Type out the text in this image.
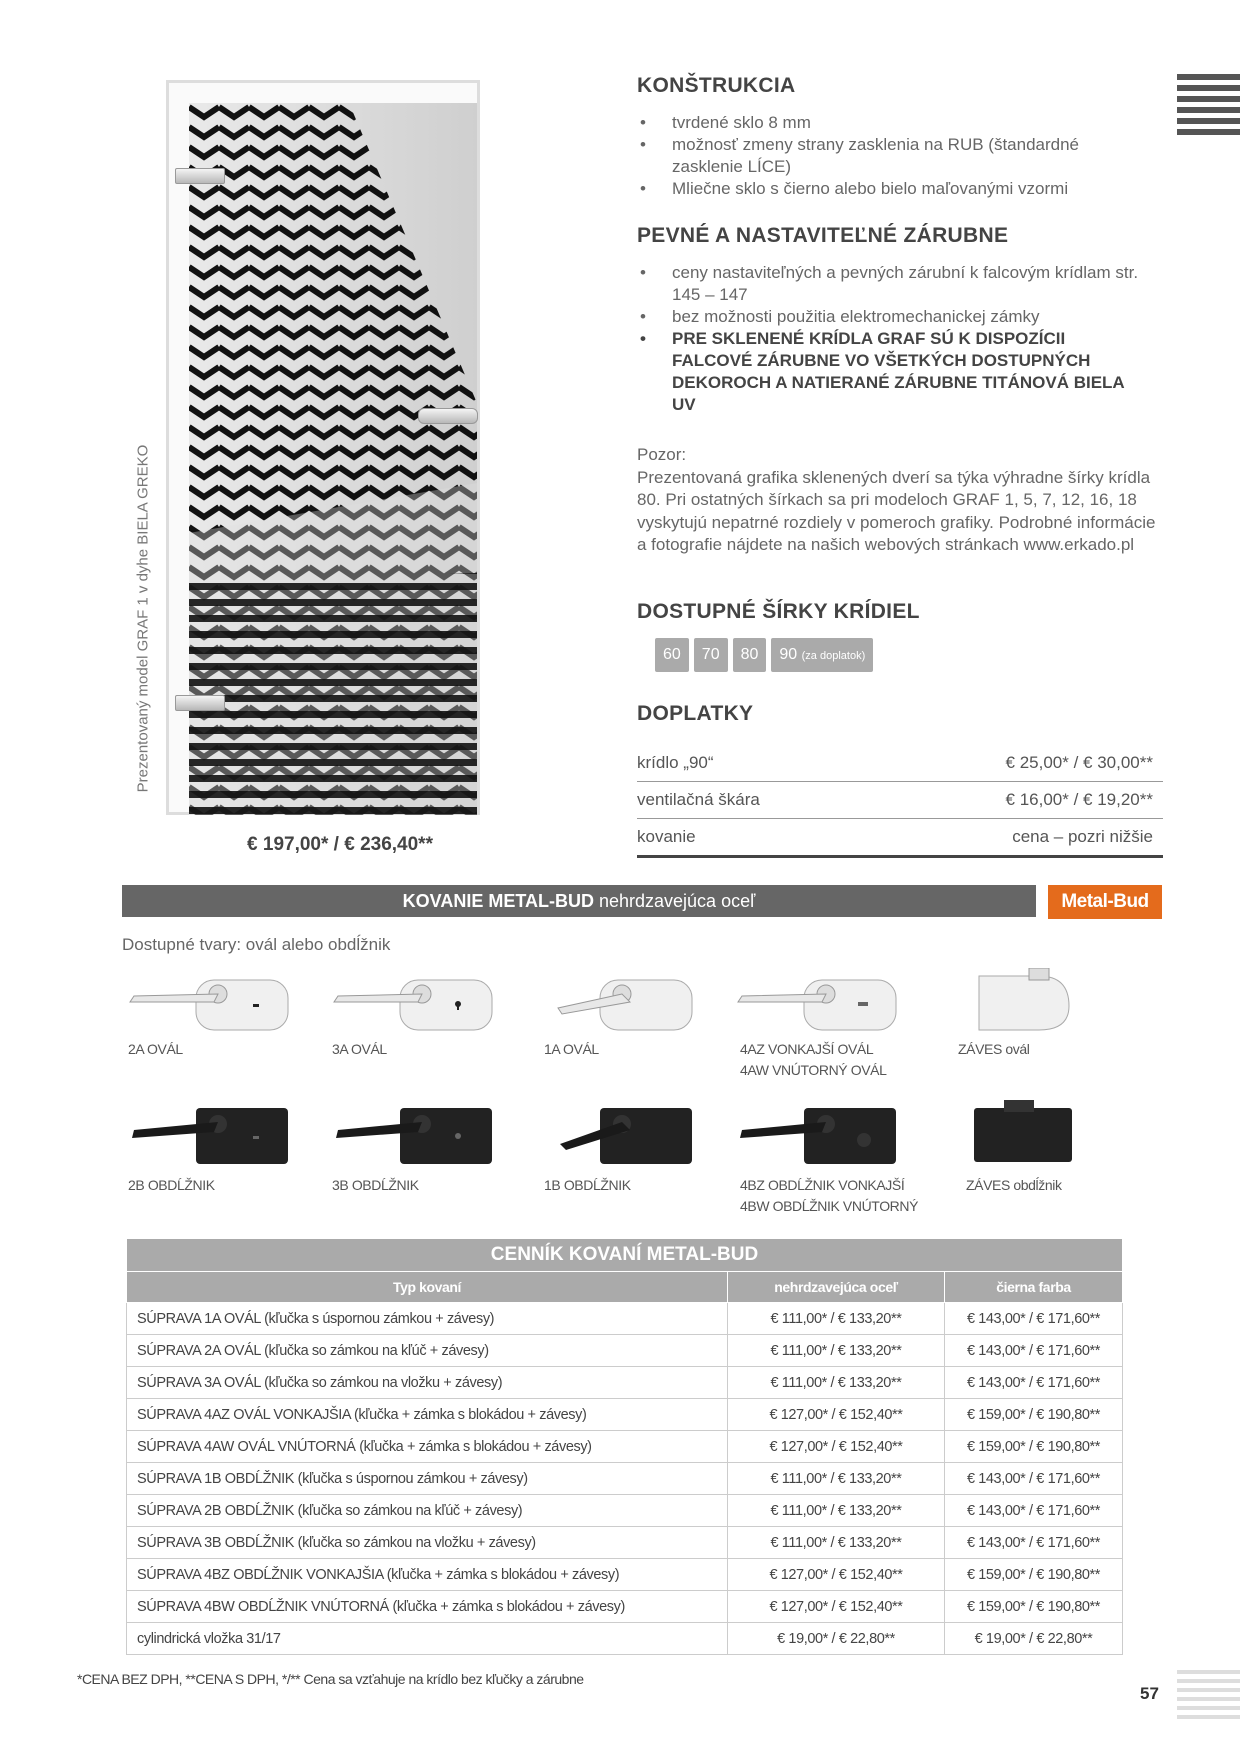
57
Prezentovaný model GRAF 1 v dyhe BIELA GREKO
€ 197,00* / € 236,40**
KONŠTRUKCIA
• tvrdené sklo 8 mm
• možnosť zmeny strany zasklenia na RUB (štandardné zasklenie LÍCE)
• Mliečne sklo s čierno alebo bielo maľovanými vzormi
PEVNÉ A NASTAVITEĽNÉ ZÁRUBNE
• ceny nastaviteľných a pevných zárubní k falcovým krídlam str. 145 – 147
• bez možnosti použitia elektromechanickej zámky
• PRE SKLENENÉ KRÍDLA GRAF SÚ K DISPOZÍCII FALCOVÉ ZÁRUBNE VO VŠETKÝCH DOSTUPNÝCH DEKOROCH A NATIERANÉ ZÁRUBNE TITÁNOVÁ BIELA UV
Pozor:
Prezentovaná grafika sklenených dverí sa týka výhradne šírky krídla 80. Pri ostatných šírkach sa pri modeloch GRAF 1, 5, 7, 12, 16, 18 vyskytujú nepatrné rozdiely v pomeroch grafiky. Podrobné informácie a fotografie nájdete na našich webových stránkach www.erkado.pl
DOSTUPNÉ ŠÍRKY KRÍDIEL
60	70	80	90 (za doplatok)
DOPLATKY
krídlo „90“	€ 25,00* / € 30,00**
ventilačná škára	€ 16,00* / € 19,20**
kovanie	cena – pozri nižšie
KOVANIE METAL-BUD nehrdzavejúca oceľ	Metal-Bud
Dostupné tvary: ovál alebo obdĺžnik
2A OVÁL	3A OVÁL	1A OVÁL	4AZ VONKAJŠÍ OVÁL
4AW VNÚTORNÝ OVÁL
ZÁVES ovál
2B OBDĹŽNIK	3B OBDĹŽNIK	1B OBDĹŽNIK	4BZ OBDĹŽNIK VONKAJŠÍ
4BW OBDĹŽNIK VNÚTORNÝ
ZÁVES obdĺžnik
CENNÍK KOVANÍ METAL-BUD		
Typ kovaní	nehrdzavejúca oceľ	čierna farba
SÚPRAVA 1A OVÁL (kľučka s úspornou zámkou + závesy)	€ 111,00* / € 133,20**	€ 143,00* / € 171,60**
SÚPRAVA 2A OVÁL (kľučka so zámkou na kľúč + závesy)	€ 111,00* / € 133,20**	€ 143,00* / € 171,60**
SÚPRAVA 3A OVÁL (kľučka so zámkou na vložku + závesy)	€ 111,00* / € 133,20**	€ 143,00* / € 171,60**
SÚPRAVA 4AZ OVÁL VONKAJŠIA (kľučka + zámka s blokádou + závesy)	€ 127,00* / € 152,40**	€ 159,00* / € 190,80**
SÚPRAVA 4AW OVÁL VNÚTORNÁ (kľučka + zámka s blokádou + závesy)	€ 127,00* / € 152,40**	€ 159,00* / € 190,80**
SÚPRAVA 1B OBDĹŽNIK (kľučka s úspornou zámkou + závesy)	€ 111,00* / € 133,20**	€ 143,00* / € 171,60**
SÚPRAVA 2B OBDĹŽNIK (kľučka so zámkou na kľúč + závesy)	€ 111,00* / € 133,20**	€ 143,00* / € 171,60**
SÚPRAVA 3B OBDĹŽNIK (kľučka so zámkou na vložku + závesy)	€ 111,00* / € 133,20**	€ 143,00* / € 171,60**
SÚPRAVA 4BZ OBDĹŽNIK VONKAJŠIA (kľučka + zámka s blokádou + závesy)	€ 127,00* / € 152,40**	€ 159,00* / € 190,80**
SÚPRAVA 4BW OBDĹŽNIK VNÚTORNÁ (kľučka + zámka s blokádou + závesy)	€ 127,00* / € 152,40**	€ 159,00* / € 190,80**
cylindrická vložka 31/17	€ 19,00* / € 22,80**	€ 19,00* / € 22,80**
*CENA BEZ DPH, **CENA S DPH, */** Cena sa vzťahuje na krídlo bez kľučky a zárubne
